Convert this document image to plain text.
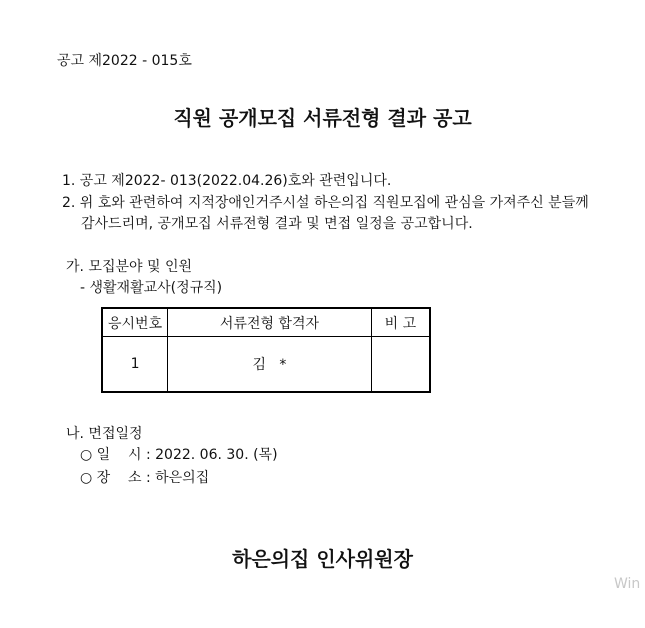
공고 제2022 - 015호
직원 공개모집 서류전형 결과 공고
1. 공고 제2022- 013(2022.04.26)호와 관련입니다.
2. 위 호와 관련하여 지적장애인거주시설 하은의집 직원모집에 관심을 가져주신 분들께
감사드리며, 공개모집 서류전형 결과 및 면접 일정을 공고합니다.
가. 모집분야 및 인원
- 생활재활교사(정규직)
응시번호	서류전형 합격자	비 고
1	김   *	
나. 면접일정
○ 일    시 : 2022. 06. 30. (목)
○ 장    소 : 하은의집
하은의집 인사위원장
Win
